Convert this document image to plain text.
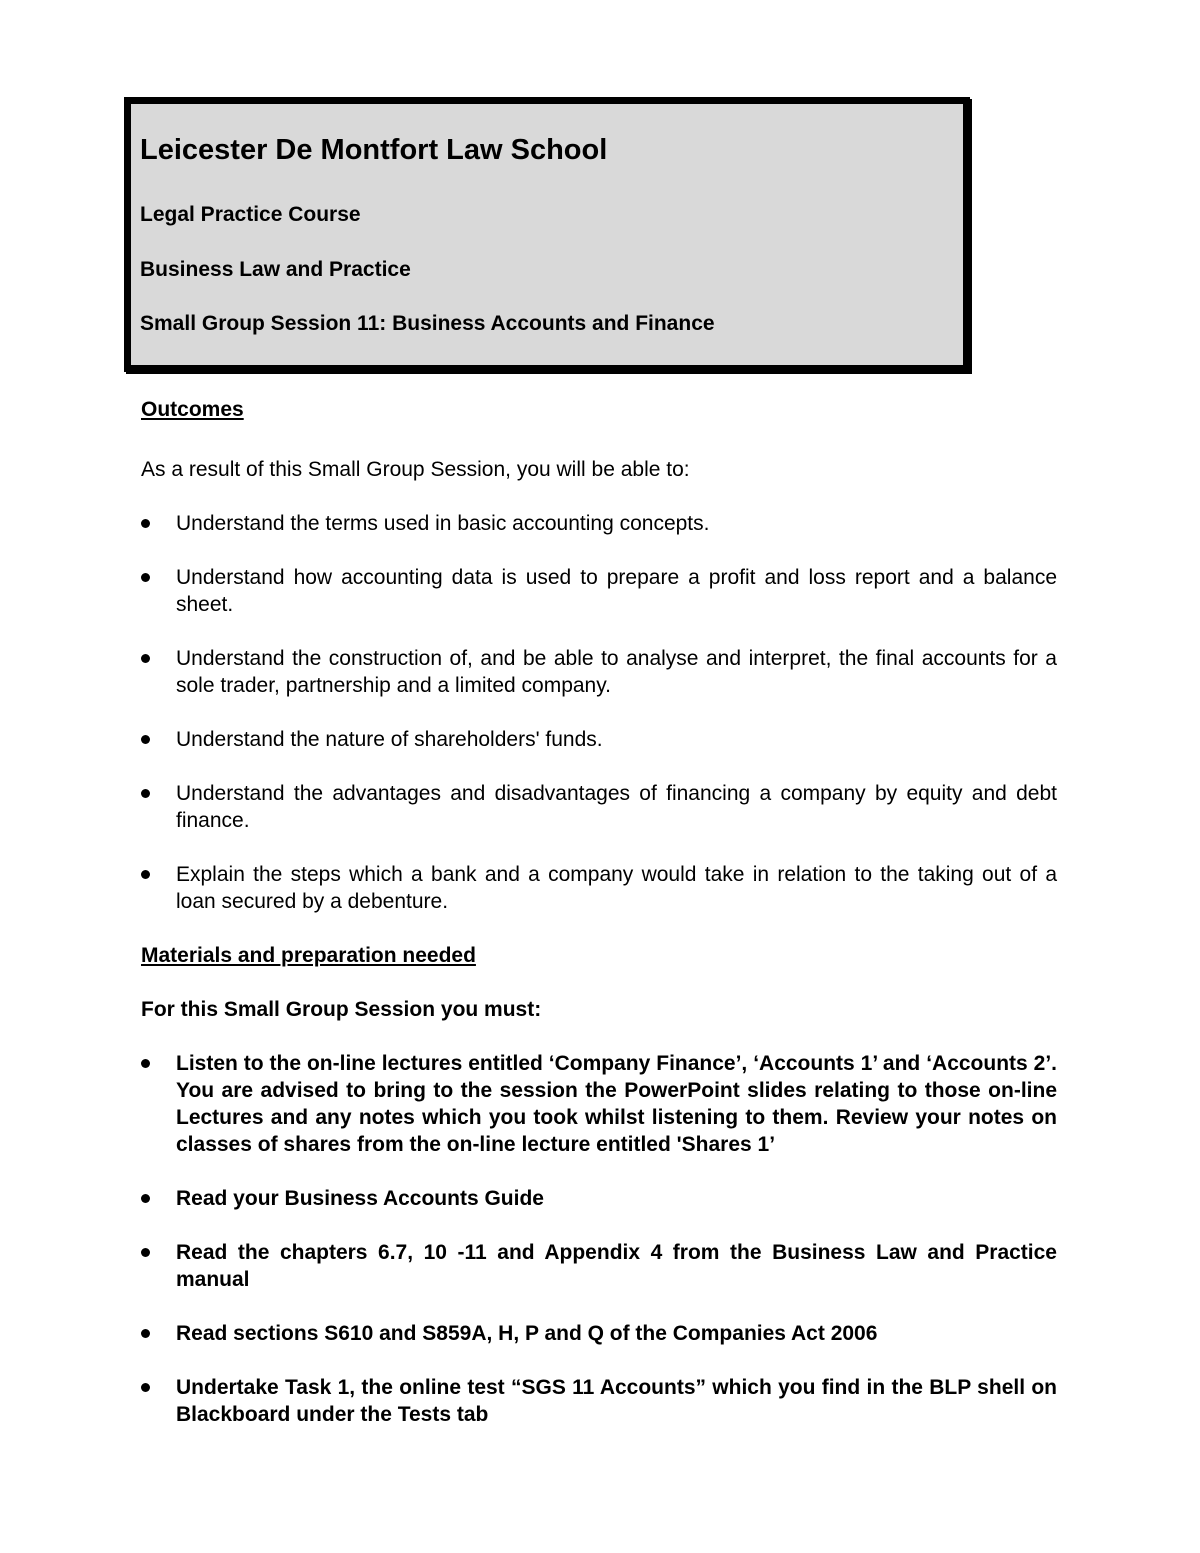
Leicester De Montfort Law School
Legal Practice Course
Business Law and Practice
Small Group Session 11: Business Accounts and Finance

Outcomes

As a result of this Small Group Session, you will be able to:

Understand the terms used in basic accounting concepts.
Understand how accounting data is used to prepare a profit and loss report and a balance sheet.
Understand the construction of, and be able to analyse and interpret, the final accounts for a sole trader, partnership and a limited company.
Understand the nature of shareholders' funds.
Understand the advantages and disadvantages of financing a company by equity and debt finance.
Explain the steps which a bank and a company would take in relation to the taking out of a loan secured by a debenture.

Materials and preparation needed

For this Small Group Session you must:

Listen to the on-line lectures entitled ‘Company Finance’, ‘Accounts 1’ and ‘Accounts 2’. You are advised to bring to the session the PowerPoint slides relating to those on-line Lectures and any notes which you took whilst listening to them. Review your notes on classes of shares from the on-line lecture entitled 'Shares 1’
Read your Business Accounts Guide
Read the chapters 6.7, 10 -11 and Appendix 4 from the Business Law and Practice manual
Read sections S610 and S859A, H, P and Q of the Companies Act 2006
Undertake Task 1, the online test “SGS 11 Accounts” which you find in the BLP shell on Blackboard under the Tests tab
